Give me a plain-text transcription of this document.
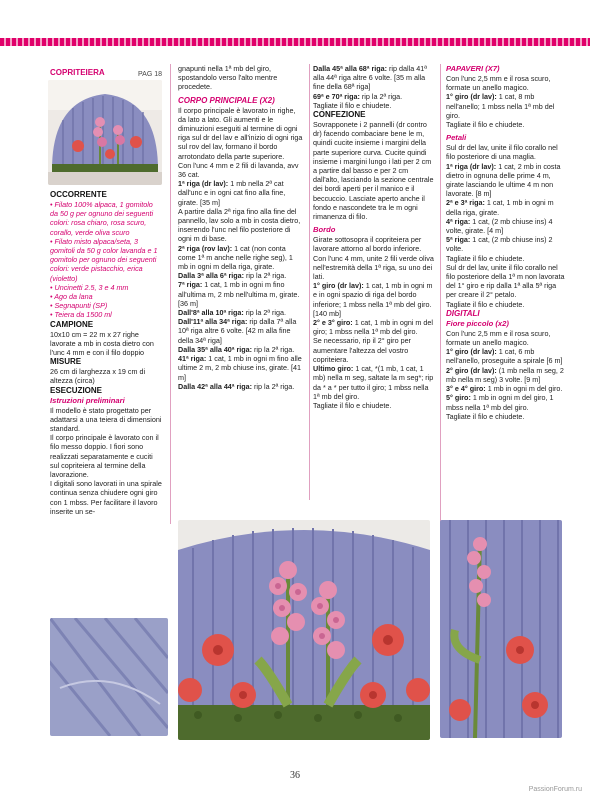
COPRITEIERA	PAG 18

OCCORRENTE

• Filato 100% alpaca, 1 gomitolo da 50 g per ognuno dei seguenti colori: rosa chiaro, rosa scuro, corallo, verde oliva scuro

• Filato misto alpaca/seta, 3 gomitoli da 50 g color lavanda e 1 gomitolo per ognuno dei seguenti colori: verde pistacchio, erica (violetto)

• Uncinetti 2.5, 3 e 4 mm

• Ago da lana

• Segnapunti (SP)

• Teiera da 1500 ml

CAMPIONE

10x10 cm = 22 m x 27 righe lavorate a mb in costa dietro con l'unc 4 mm e con il filo doppio

MISURE

26 cm di larghezza x 19 cm di altezza (circa)

ESECUZIONE

Istruzioni preliminari

Il modello è stato progettato per adattarsi a una teiera di dimensioni standard.

Il corpo principale è lavorato con il filo messo doppio. I fiori sono realizzati separatamente e cuciti sul copriteiera al termine della lavorazione.

I digitali sono lavorati in una spirale continua senza chiudere ogni giro con 1 mbss. Per facilitare il lavoro inserite un se-

gnapunti nella 1ª mb del giro, spostandolo verso l'alto mentre procedete.

CORPO PRINCIPALE (X2)

Il corpo principale è lavorato in righe, da lato a lato. Gli aumenti e le diminuzioni eseguiti al termine di ogni riga sul dr del lav e all'inizio di ogni riga sul rov del lav, formano il bordo arrotondato della parte superiore.

Con l'unc 4 mm e 2 fili di lavanda, avv 36 cat.

1ª riga (dr lav): 1 mb nella 2ª cat dall'unc e in ogni cat fino alla fine, girate. [35 m]

A partire dalla 2ª riga fino alla fine del pannello, lav solo a mb in costa dietro, inserendo l'unc nel filo posteriore di ogni m di base.

2ª riga (rov lav): 1 cat (non conta come 1ª m anche nelle righe seg), 1 mb in ogni m della riga, girate.

Dalla 3ª alla 6ª riga: rip la 2ª riga.

7ª riga: 1 cat, 1 mb in ogni m fino all'ultima m, 2 mb nell'ultima m, girate. [36 m]

Dall'8ª alla 10ª riga: rip la 2ª riga.

Dall'11ª alla 34ª riga: rip dalla 7ª alla 10ª riga altre 6 volte. [42 m alla fine della 34ª riga]

Dalla 35ª alla 40ª riga: rip la 2ª riga.

41ª riga: 1 cat, 1 mb in ogni m fino alle ultime 2 m, 2 mb chiuse ins, girate. [41 m]

Dalla 42ª alla 44ª riga: rip la 2ª riga.

Dalla 45ª alla 68ª riga: rip dalla 41ª alla 44ª riga altre 6 volte. [35 m alla fine della 68ª riga]

69ª e 70ª riga: rip la 2ª riga.

Tagliate il filo e chiudete.

CONFEZIONE

Sovrapponete i 2 pannelli (dr contro dr) facendo combaciare bene le m, quindi cucite insieme i margini della parte superiore curva. Cucite quindi insieme i margini lungo i lati per 2 cm a partire dal basso e per 2 cm dall'alto, lasciando la sezione centrale dei bordi aperti per il manico e il beccuccio. Lasciate aperto anche il fondo e nascondete tra le m ogni rimanenza di filo.

Bordo

Girate sottosopra il copriteiera per lavorare attorno al bordo inferiore.

Con l'unc 4 mm, unite 2 fili verde oliva nell'estremità della 1ª riga, su uno dei lati.

1° giro (dr lav): 1 cat, 1 mb in ogni m e in ogni spazio di riga del bordo inferiore; 1 mbss nella 1ª mb del giro. [140 mb]

2° e 3° giro: 1 cat, 1 mb in ogni m del giro; 1 mbss nella 1ª mb del giro.

Se necessario, rip il 2° giro per aumentare l'altezza del vostro copriteiera.

Ultimo giro: 1 cat, *(1 mb, 1 cat, 1 mb) nella m seg, saltate la m seg*; rip da * a * per tutto il giro; 1 mbss nella 1ª mb del giro.

Tagliate il filo e chiudete.

PAPAVERI (X7)

Con l'unc 2,5 mm e il rosa scuro, formate un anello magico.

1° giro (dr lav): 1 cat, 8 mb nell'anello; 1 mbss nella 1ª mb del giro.

Tagliate il filo e chiudete.

Petali

Sul dr del lav, unite il filo corallo nel filo posteriore di una maglia.

1ª riga (dr lav): 1 cat, 2 mb in costa dietro in ognuna delle prime 4 m, girate lasciando le ultime 4 m non lavorate. [8 m]

2ª e 3ª riga: 1 cat, 1 mb in ogni m della riga, girate.

4ª riga: 1 cat, (2 mb chiuse ins) 4 volte, girate. [4 m]

5ª riga: 1 cat, (2 mb chiuse ins) 2 volte.

Tagliate il filo e chiudete.

Sul dr del lav, unite il filo corallo nel filo posteriore della 1ª m non lavorata del 1° giro e rip dalla 1ª alla 5ª riga per creare il 2° petalo.

Tagliate il filo e chiudete.

DIGITALI

Fiore piccolo (x2)

Con l'unc 2,5 mm e il rosa scuro, formate un anello magico.

1° giro (dr lav): 1 cat, 6 mb nell'anello, proseguite a spirale [6 m]

2° giro (dr lav): (1 mb nella m seg, 2 mb nella m seg) 3 volte. [9 m]

3° e 4° giro: 1 mb in ogni m del giro.

5° giro: 1 mb in ogni m del giro, 1 mbss nella 1ª mb del giro.

Tagliate il filo e chiudete.

36
PassionForum.ru
